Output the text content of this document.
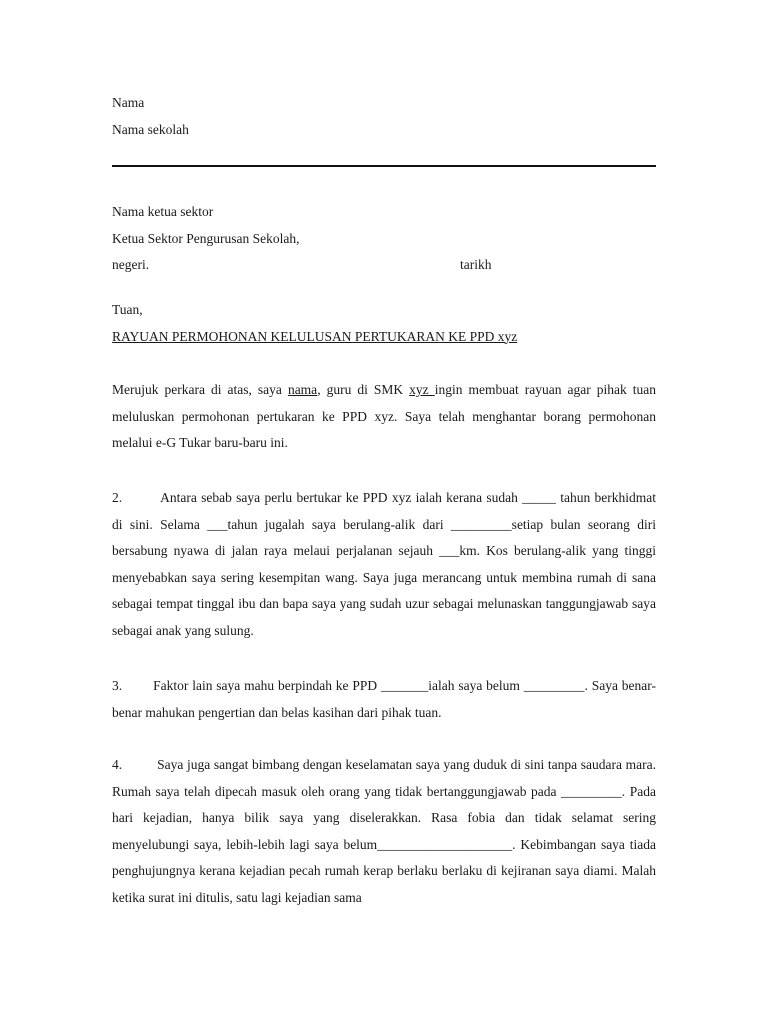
Nama

Nama sekolah

Nama ketua sektor

Ketua Sektor Pengurusan Sekolah,

negeri.	tarikh

Tuan,

RAYUAN PERMOHONAN KELULUSAN PERTUKARAN KE PPD xyz

Merujuk perkara di atas, saya nama, guru di SMK xyz ingin membuat rayuan agar pihak tuan meluluskan permohonan pertukaran ke PPD xyz. Saya telah menghantar borang permohonan melalui e-G Tukar baru-baru ini.

2.	Antara sebab saya perlu bertukar ke PPD xyz ialah kerana sudah _____ tahun berkhidmat di sini. Selama ___tahun jugalah saya berulang-alik dari _________setiap bulan seorang diri bersabung nyawa di jalan raya melaui perjalanan sejauh ___km. Kos berulang-alik yang tinggi menyebabkan saya sering kesempitan wang. Saya juga merancang untuk membina rumah di sana sebagai tempat tinggal ibu dan bapa saya yang sudah uzur sebagai melunaskan tanggungjawab saya sebagai anak yang sulung.

3. Faktor lain saya mahu berpindah ke PPD _______ialah saya belum _________. Saya benar-benar mahukan pengertian dan belas kasihan dari pihak tuan.

4.	Saya juga sangat bimbang dengan keselamatan saya yang duduk di sini tanpa saudara mara. Rumah saya telah dipecah masuk oleh orang yang tidak bertanggungjawab pada _________. Pada hari kejadian, hanya bilik saya yang diselerakkan. Rasa fobia dan tidak selamat sering menyelubungi saya, lebih-lebih lagi saya belum____________________. Kebimbangan saya tiada penghujungnya kerana kejadian pecah rumah kerap berlaku berlaku di kejiranan saya diami. Malah ketika surat ini ditulis, satu lagi kejadian sama
